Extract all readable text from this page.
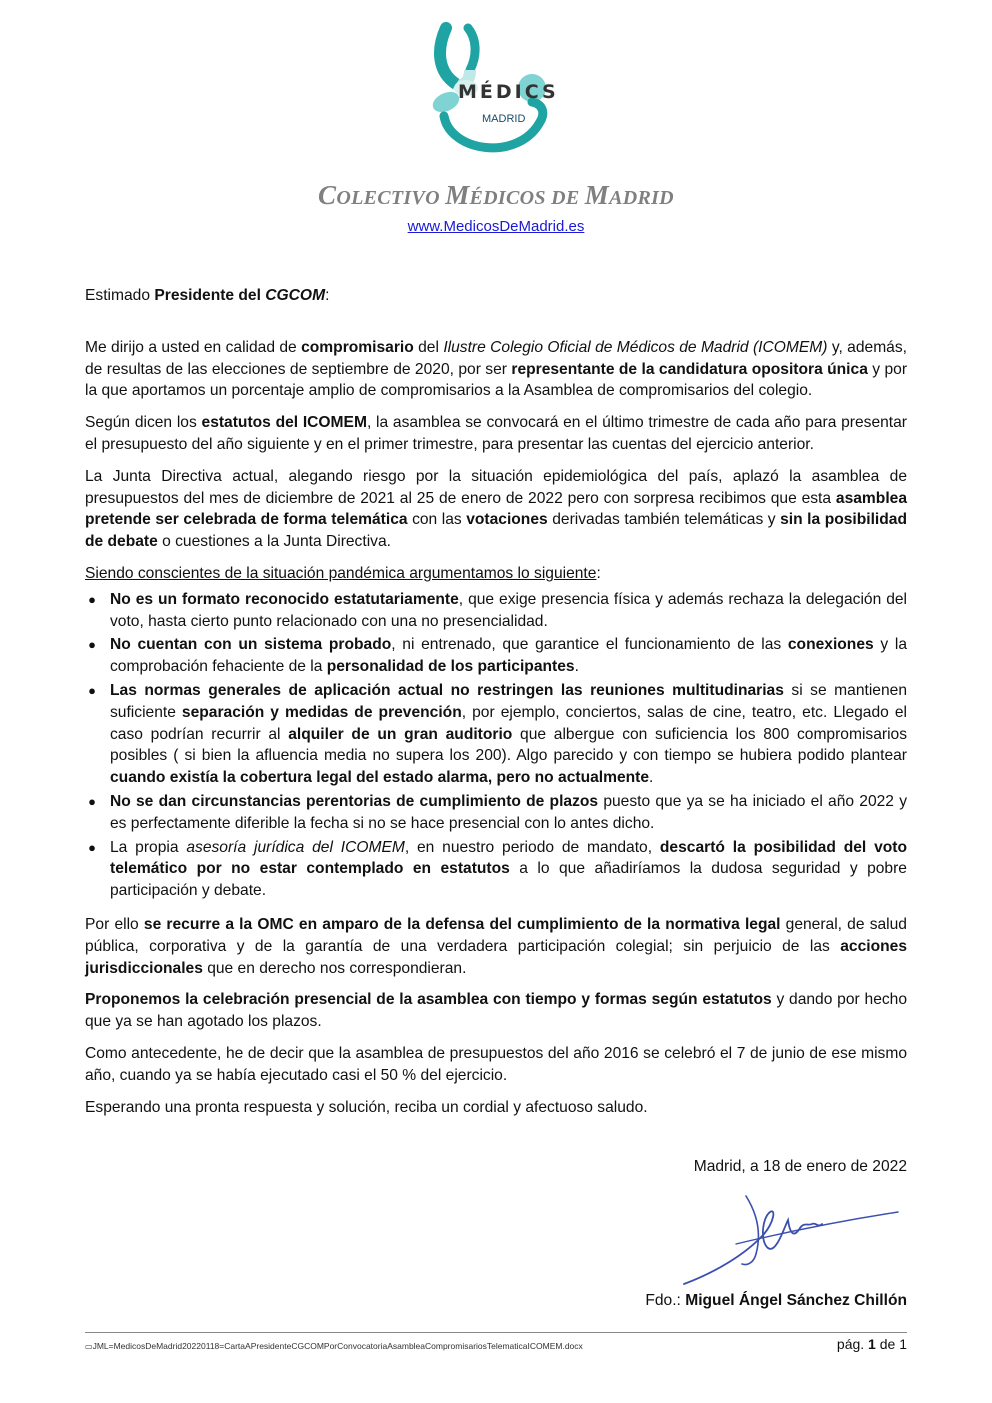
MÉDICS
MADRID
COLECTIVO MÉDICOS DE MADRID
www.MedicosDeMadrid.es

Estimado Presidente del CGCOM:

Me dirijo a usted en calidad de compromisario del Ilustre Colegio Oficial de Médicos de Madrid (ICOMEM) y, además, de resultas de las elecciones de septiembre de 2020, por ser representante de la candidatura opositora única y por la que aportamos un porcentaje amplio de compromisarios a la Asamblea de compromisarios del colegio.

Según dicen los estatutos del ICOMEM, la asamblea se convocará en el último trimestre de cada año para presentar el presupuesto del año siguiente y en el primer trimestre, para presentar las cuentas del ejercicio anterior.

La Junta Directiva actual, alegando riesgo por la situación epidemiológica del país, aplazó la asamblea de presupuestos del mes de diciembre de 2021 al 25 de enero de 2022 pero con sorpresa recibimos que esta asamblea pretende ser celebrada de forma telemática con las votaciones derivadas también telemáticas y sin la posibilidad de debate o cuestiones a la Junta Directiva.

Siendo conscientes de la situación pandémica argumentamos lo siguiente:

● No es un formato reconocido estatutariamente, que exige presencia física y además rechaza la delegación del voto, hasta cierto punto relacionado con una no presencialidad.
● No cuentan con un sistema probado, ni entrenado, que garantice el funcionamiento de las conexiones y la comprobación fehaciente de la personalidad de los participantes.
● Las normas generales de aplicación actual no restringen las reuniones multitudinarias si se mantienen suficiente separación y medidas de prevención, por ejemplo, conciertos, salas de cine, teatro, etc. Llegado el caso podrían recurrir al alquiler de un gran auditorio que albergue con suficiencia los 800 compromisarios posibles ( si bien la afluencia media no supera los 200). Algo parecido y con tiempo se hubiera podido plantear cuando existía la cobertura legal del estado alarma, pero no actualmente.
● No se dan circunstancias perentorias de cumplimiento de plazos puesto que ya se ha iniciado el año 2022 y es perfectamente diferible la fecha si no se hace presencial con lo antes dicho.
● La propia asesoría jurídica del ICOMEM, en nuestro periodo de mandato, descartó la posibilidad del voto telemático por no estar contemplado en estatutos a lo que añadiríamos la dudosa seguridad y pobre participación y debate.

Por ello se recurre a la OMC en amparo de la defensa del cumplimiento de la normativa legal general, de salud pública, corporativa y de la garantía de una verdadera participación colegial; sin perjuicio de las acciones jurisdiccionales que en derecho nos correspondieran.

Proponemos la celebración presencial de la asamblea con tiempo y formas según estatutos y dando por hecho que ya se han agotado los plazos.

Como antecedente, he de decir que la asamblea de presupuestos del año 2016 se celebró el 7 de junio de ese mismo año, cuando ya se había ejecutado casi el 50 % del ejercicio.

Esperando una pronta respuesta y solución, reciba un cordial y afectuoso saludo.

Madrid, a 18 de enero de 2022
Fdo.: Miguel Ángel Sánchez Chillón
▭JML=MedicosDeMadrid20220118=CartaAPresidenteCGCOMPorConvocatoriaAsambleaCompromisariosTelematicaICOMEM.docx	pág. 1 de 1
